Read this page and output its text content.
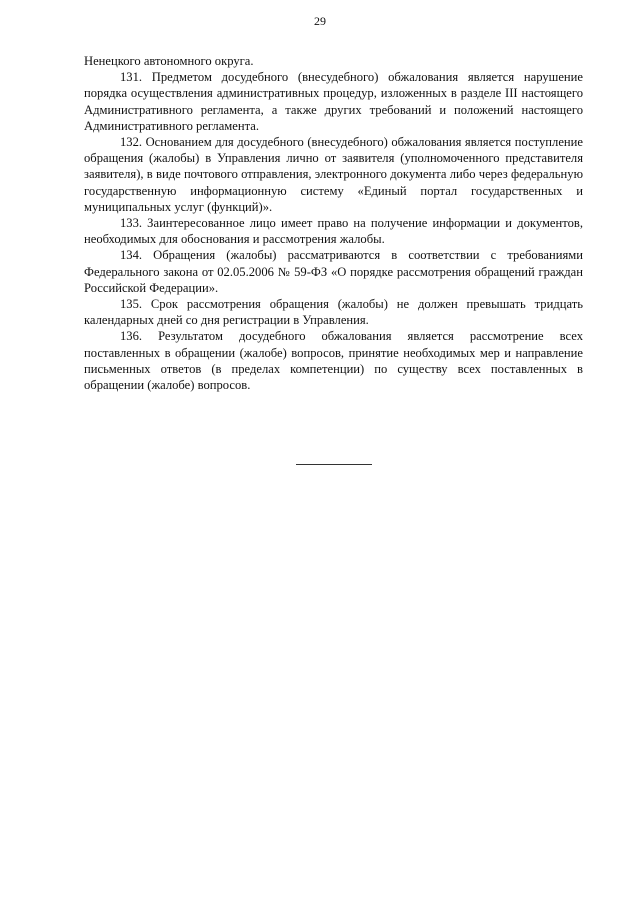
29

Ненецкого автономного округа.

131. Предметом досудебного (внесудебного) обжалования является нарушение порядка осуществления административных процедур, изложенных в разделе III настоящего Административного регламента, а также других требований и положений настоящего Административного регламента.

132. Основанием для досудебного (внесудебного) обжалования является поступление обращения (жалобы) в Управления лично от заявителя (уполномоченного представителя заявителя), в виде почтового отправления, электронного документа либо через федеральную государственную информационную систему «Единый портал государственных и муниципальных услуг (функций)».

133. Заинтересованное лицо имеет право на получение информации и документов, необходимых для обоснования и рассмотрения жалобы.

134. Обращения (жалобы) рассматриваются в соответствии с требованиями Федерального закона от 02.05.2006 № 59-ФЗ «О порядке рассмотрения обращений граждан Российской Федерации».

135. Срок рассмотрения обращения (жалобы) не должен превышать тридцать календарных дней со дня регистрации в Управления.

136. Результатом досудебного обжалования является рассмотрение всех поставленных в обращении (жалобе) вопросов, принятие необходимых мер и направление письменных ответов (в пределах компетенции) по существу всех поставленных в обращении (жалобе) вопросов.
